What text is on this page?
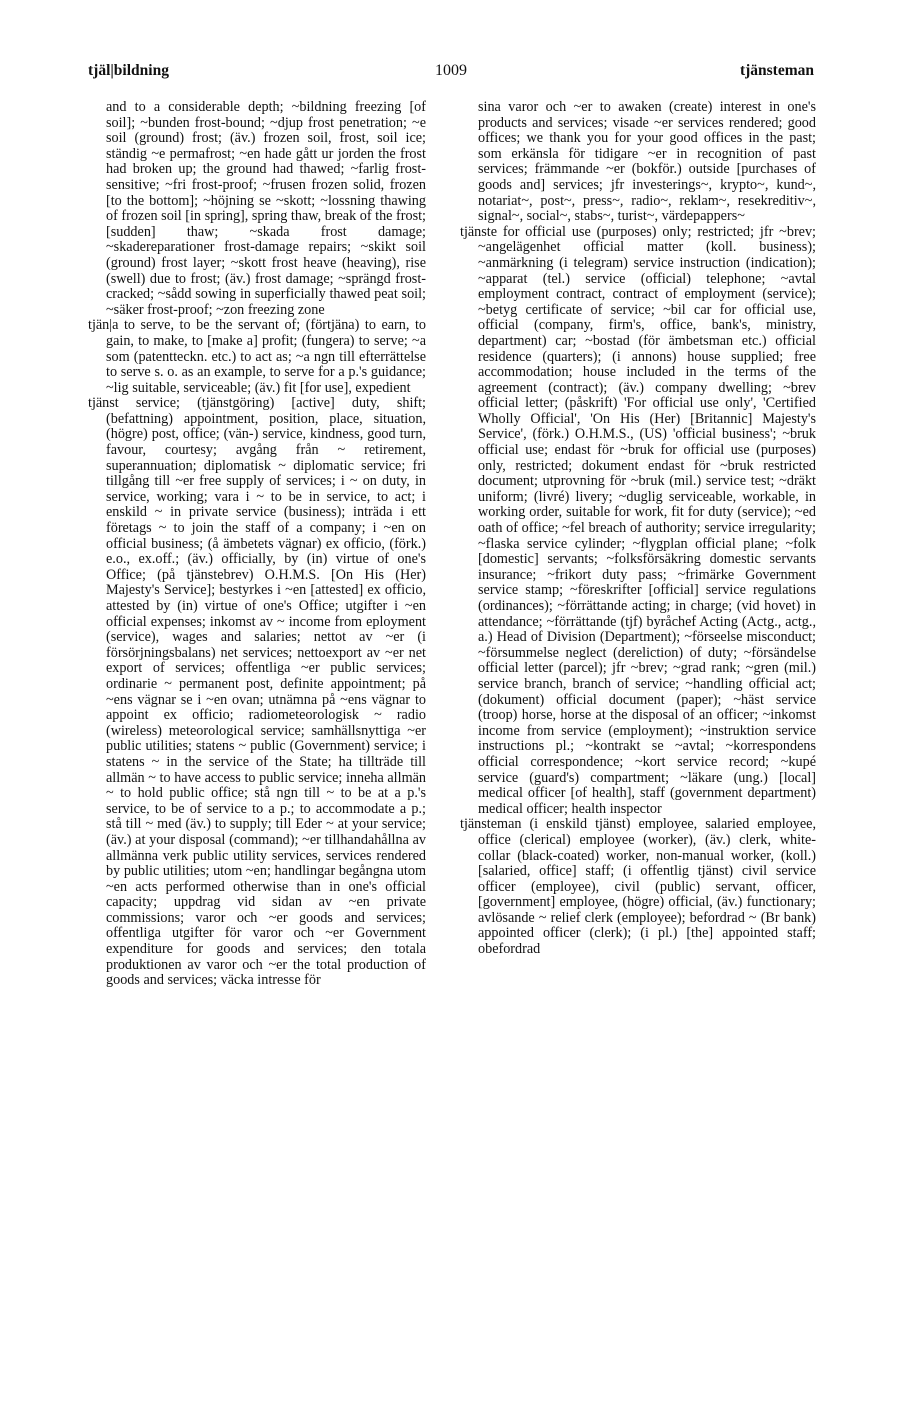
tjäl|bildning	1009	tjänsteman

and to a considerable depth; ~bildning freezing [of soil]; ~bunden frost-bound; ~djup frost penetration; ~e soil (ground) frost; (äv.) frozen soil, frost, soil ice; ständig ~e permafrost; ~en hade gått ur jorden the frost had broken up; the ground had thawed; ~farlig frost-sensitive; ~fri frost-proof; ~frusen frozen solid, frozen [to the bottom]; ~höjning se ~skott; ~lossning thawing of frozen soil [in spring], spring thaw, break of the frost; [sudden] thaw; ~skada frost damage; ~skadereparationer frost-damage repairs; ~skikt soil (ground) frost layer; ~skott frost heave (heaving), rise (swell) due to frost; (äv.) frost damage; ~sprängd frost-cracked; ~sådd sowing in superficially thawed peat soil; ~säker frost-proof; ~zon freezing zone

tjän|a to serve, to be the servant of; (förtjäna) to earn, to gain, to make, to [make a] profit; (fungera) to serve; ~a som (patentteckn. etc.) to act as; ~a ngn till efterrättelse to serve s. o. as an example, to serve for a p.'s guidance; ~lig suitable, serviceable; (äv.) fit [for use], expedient

tjänst service; (tjänstgöring) [active] duty, shift; (befattning) appointment, position, place, situation, (högre) post, office; (vän-) service, kindness, good turn, favour, courtesy; avgång från ~ retirement, superannuation; diplomatisk ~ diplomatic service; fri tillgång till ~er free supply of services; i ~ on duty, in service, working; vara i ~ to be in service, to act; i enskild ~ in private service (business); inträda i ett företags ~ to join the staff of a company; i ~en on official business; (å ämbetets vägnar) ex officio, (förk.) e.o., ex.off.; (äv.) officially, by (in) virtue of one's Office; (på tjänstebrev) O.H.M.S. [On His (Her) Majesty's Service]; bestyrkes i ~en [attested] ex officio, attested by (in) virtue of one's Office; utgifter i ~en official expenses; inkomst av ~ income from eployment (service), wages and salaries; nettot av ~er (i försörjningsbalans) net services; nettoexport av ~er net export of services; offentliga ~er public services; ordinarie ~ permanent post, definite appointment; på ~ens vägnar se i ~en ovan; utnämna på ~ens vägnar to appoint ex officio; radiometeorologisk ~ radio (wireless) meteorological service; samhällsnyttiga ~er public utilities; statens ~ public (Government) service; i statens ~ in the service of the State; ha tillträde till allmän ~ to have access to public service; inneha allmän ~ to hold public office; stå ngn till ~ to be at a p.'s service, to be of service to a p.; to accommodate a p.; stå till ~ med (äv.) to supply; till Eder ~ at your service; (äv.) at your disposal (command); ~er tillhandahållna av allmänna verk public utility services, services rendered by public utilities; utom ~en; handlingar begångna utom ~en acts performed otherwise than in one's official capacity; uppdrag vid sidan av ~en private commissions; varor och ~er goods and services; offentliga utgifter för varor och ~er Government expenditure for goods and services; den totala produktionen av varor och ~er the total production of goods and services; väcka intresse för

sina varor och ~er to awaken (create) interest in one's products and services; visade ~er services rendered; good offices; we thank you for your good offices in the past; som erkänsla för tidigare ~er in recognition of past services; främmande ~er (bokför.) outside [purchases of goods and] services; jfr investerings~, krypto~, kund~, notariat~, post~, press~, radio~, reklam~, resekreditiv~, signal~, social~, stabs~, turist~, värdepappers~

tjänste for official use (purposes) only; restricted; jfr ~brev; ~angelägenhet official matter (koll. business); ~anmärkning (i telegram) service instruction (indication); ~apparat (tel.) service (official) telephone; ~avtal employment contract, contract of employment (service); ~betyg certificate of service; ~bil car for official use, official (company, firm's, office, bank's, ministry, department) car; ~bostad (för ämbetsman etc.) official residence (quarters); (i annons) house supplied; free accommodation; house included in the terms of the agreement (contract); (äv.) company dwelling; ~brev official letter; (påskrift) 'For official use only', 'Certified Wholly Official', 'On His (Her) [Britannic] Majesty's Service', (förk.) O.H.M.S., (US) 'official business'; ~bruk official use; endast för ~bruk for official use (purposes) only, restricted; dokument endast för ~bruk restricted document; utprovning för ~bruk (mil.) service test; ~dräkt uniform; (livré) livery; ~duglig serviceable, workable, in working order, suitable for work, fit for duty (service); ~ed oath of office; ~fel breach of authority; service irregularity; ~flaska service cylinder; ~flygplan official plane; ~folk [domestic] servants; ~folksförsäkring domestic servants insurance; ~frikort duty pass; ~frimärke Government service stamp; ~föreskrifter [official] service regulations (ordinances); ~förrättande acting; in charge; (vid hovet) in attendance; ~förrättande (tjf) byråchef Acting (Actg., actg., a.) Head of Division (Department); ~förseelse misconduct; ~försummelse neglect (dereliction) of duty; ~försändelse official letter (parcel); jfr ~brev; ~grad rank; ~gren (mil.) service branch, branch of service; ~handling official act; (dokument) official document (paper); ~häst service (troop) horse, horse at the disposal of an officer; ~inkomst income from service (employment); ~instruktion service instructions pl.; ~kontrakt se ~avtal; ~korrespondens official correspondence; ~kort service record; ~kupé service (guard's) compartment; ~läkare (ung.) [local] medical officer [of health], staff (government department) medical officer; health inspector

tjänsteman (i enskild tjänst) employee, salaried employee, office (clerical) employee (worker), (äv.) clerk, white-collar (black-coated) worker, non-manual worker, (koll.) [salaried, office] staff; (i offentlig tjänst) civil service officer (employee), civil (public) servant, officer, [government] employee, (högre) official, (äv.) functionary; avlösande ~ relief clerk (employee); befordrad ~ (Br bank) appointed officer (clerk); (i pl.) [the] appointed staff; obefordrad
